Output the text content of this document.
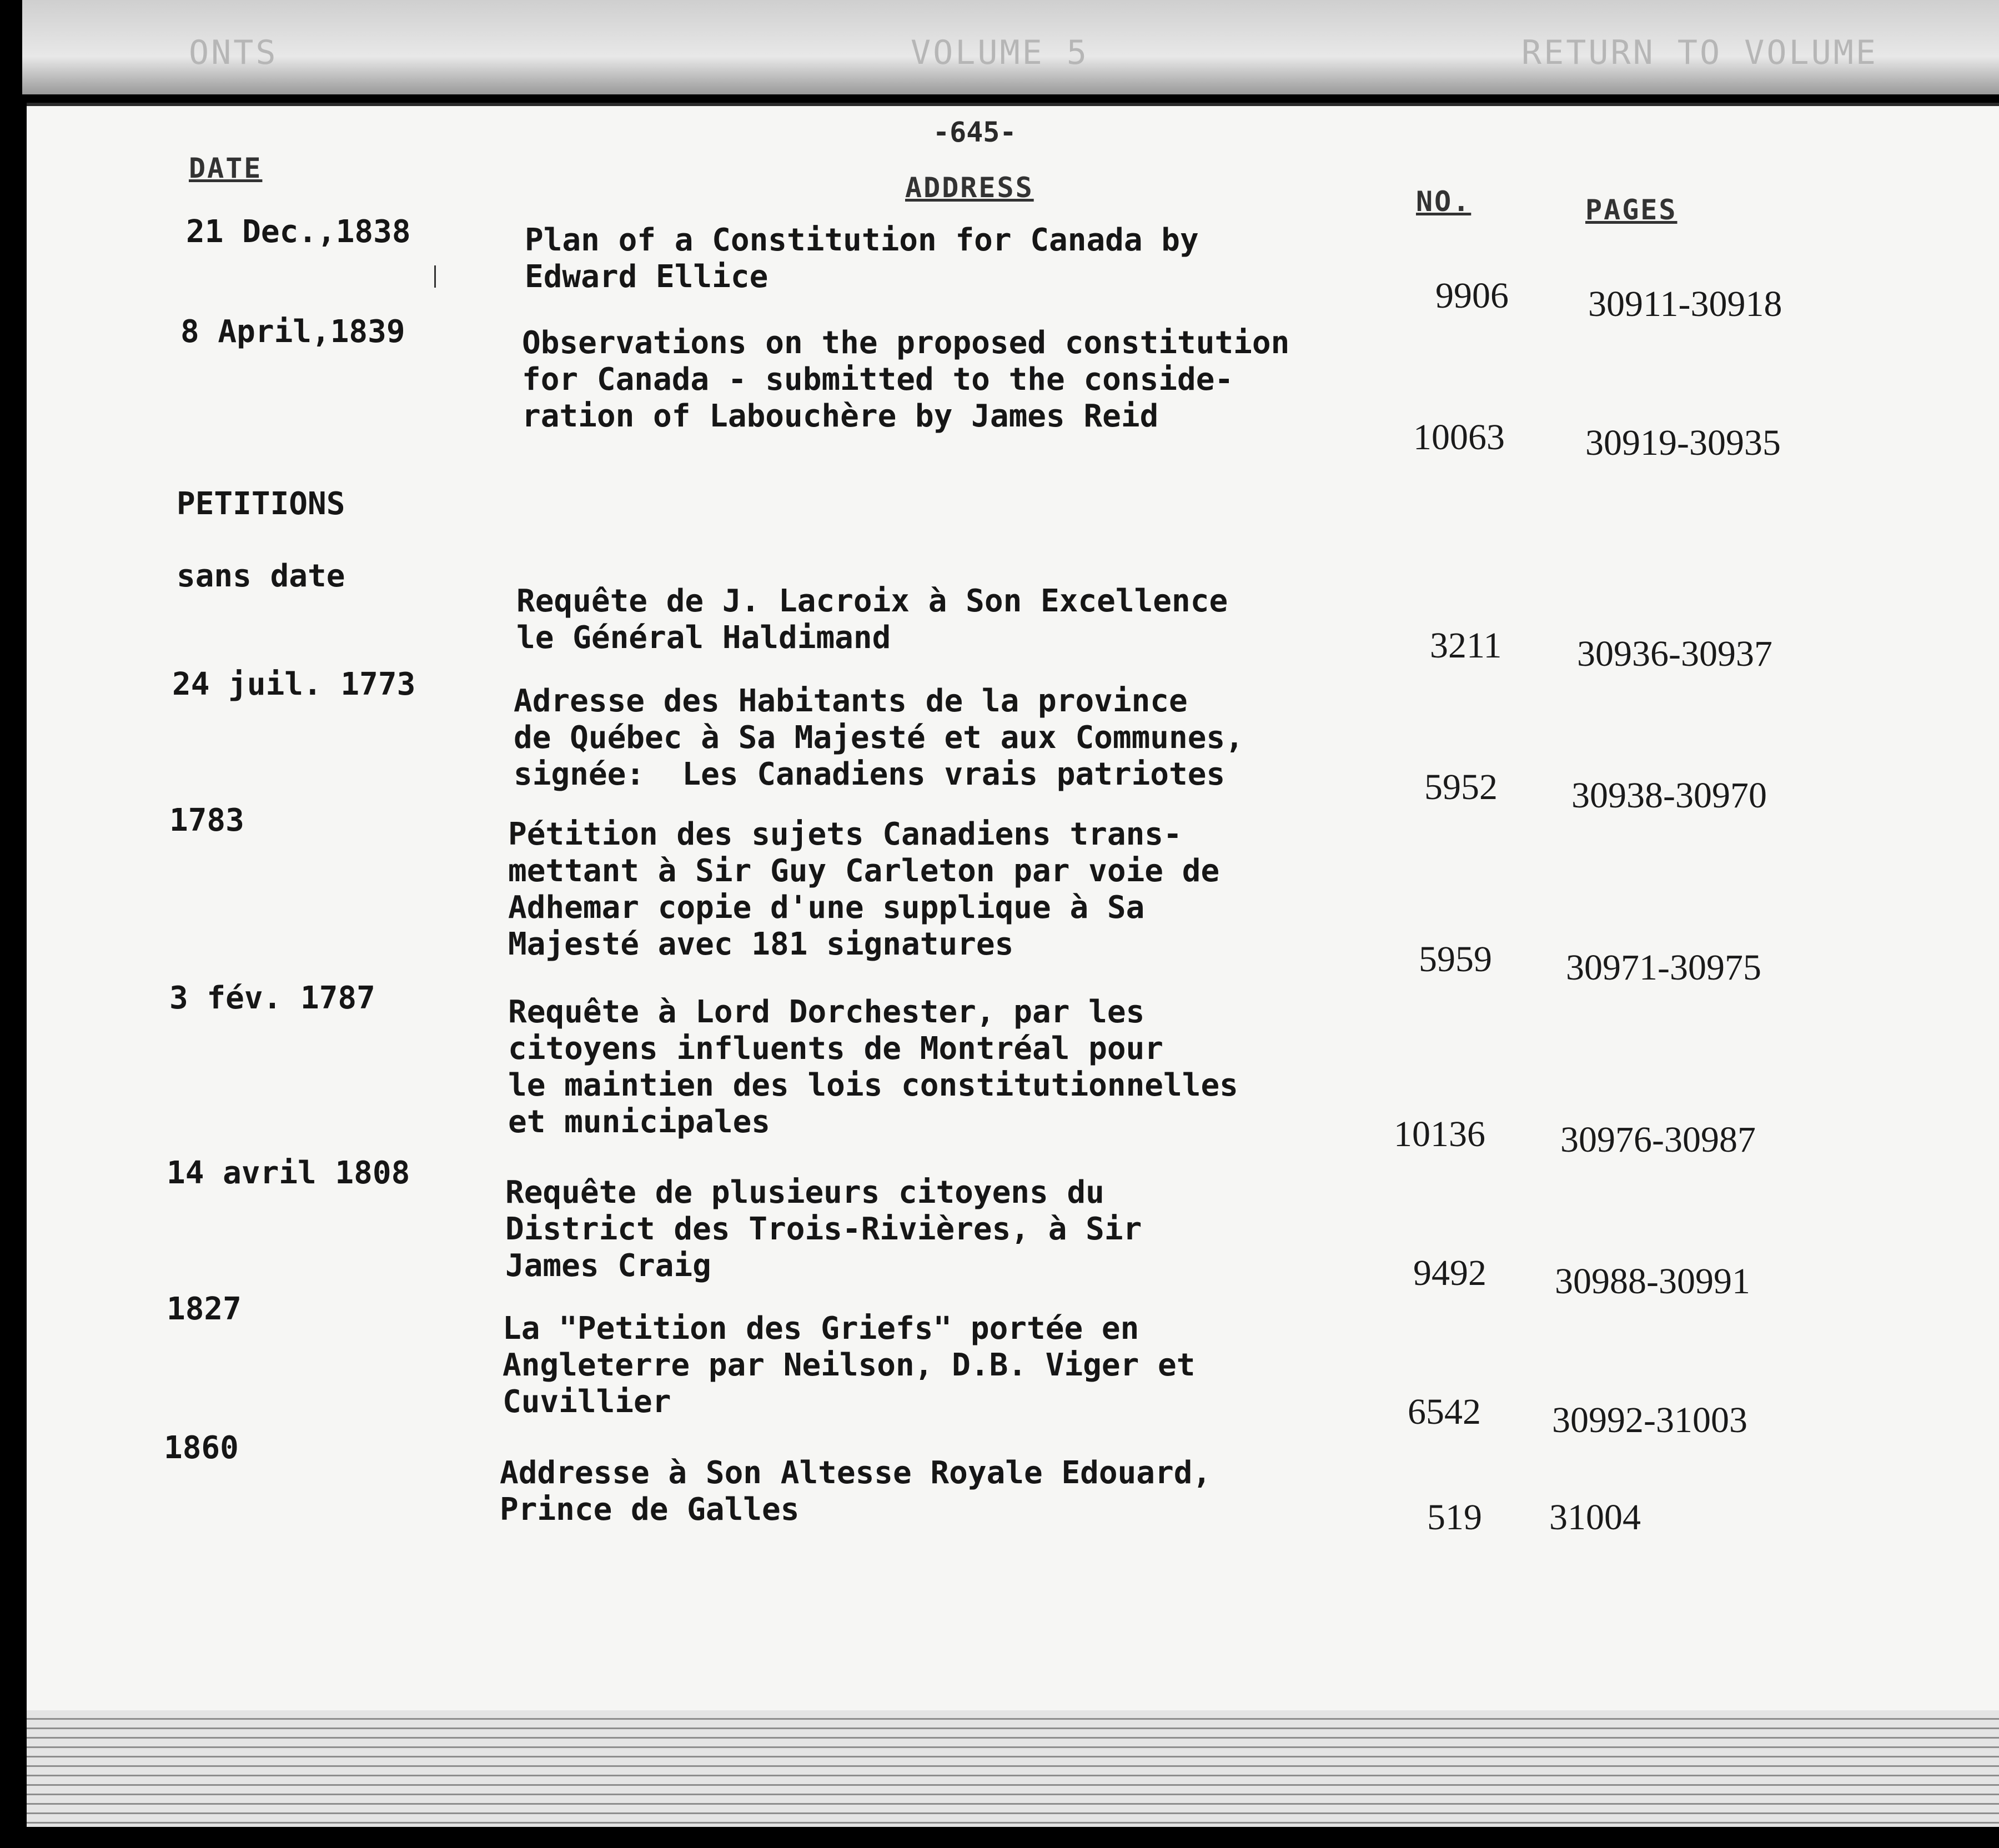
ONTS	VOLUME 5	RETURN TO VOLUME
-645-
DATE
ADDRESS	NO.	PAGES
21 Dec.,1838	Plan of a Constitution for Canada by
Edward Ellice	9906 30911-30918
8 April,1839	Observations on the proposed constitution
for Canada - submitted to the conside-
ration of Labouchère by James Reid
10063 30919-30935
PETITIONS
sans date
Requête de J. Lacroix à Son Excellence
le Général Haldimand	3211 30936-30937
24 juil. 1773	Adresse des Habitants de la province
de Québec à Sa Majesté et aux Communes,
signée:  Les Canadiens vrais patriotes	5952 30938-30970
1783	Pétition des sujets Canadiens trans-
mettant à Sir Guy Carleton par voie de
Adhemar copie d'une supplique à Sa
Majesté avec 181 signatures	5959 30971-30975
3 fév. 1787	Requête à Lord Dorchester, par les
citoyens influents de Montréal pour
le maintien des lois constitutionnelles
et municipales	10136 30976-30987
14 avril 1808
Requête de plusieurs citoyens du
District des Trois-Rivières, à Sir
James Craig	9492 30988-30991
1827
La "Petition des Griefs" portée en
Angleterre par Neilson, D.B. Viger et
Cuvillier	6542 30992-31003
1860
Addresse à Son Altesse Royale Edouard,
Prince de Galles	519 31004
